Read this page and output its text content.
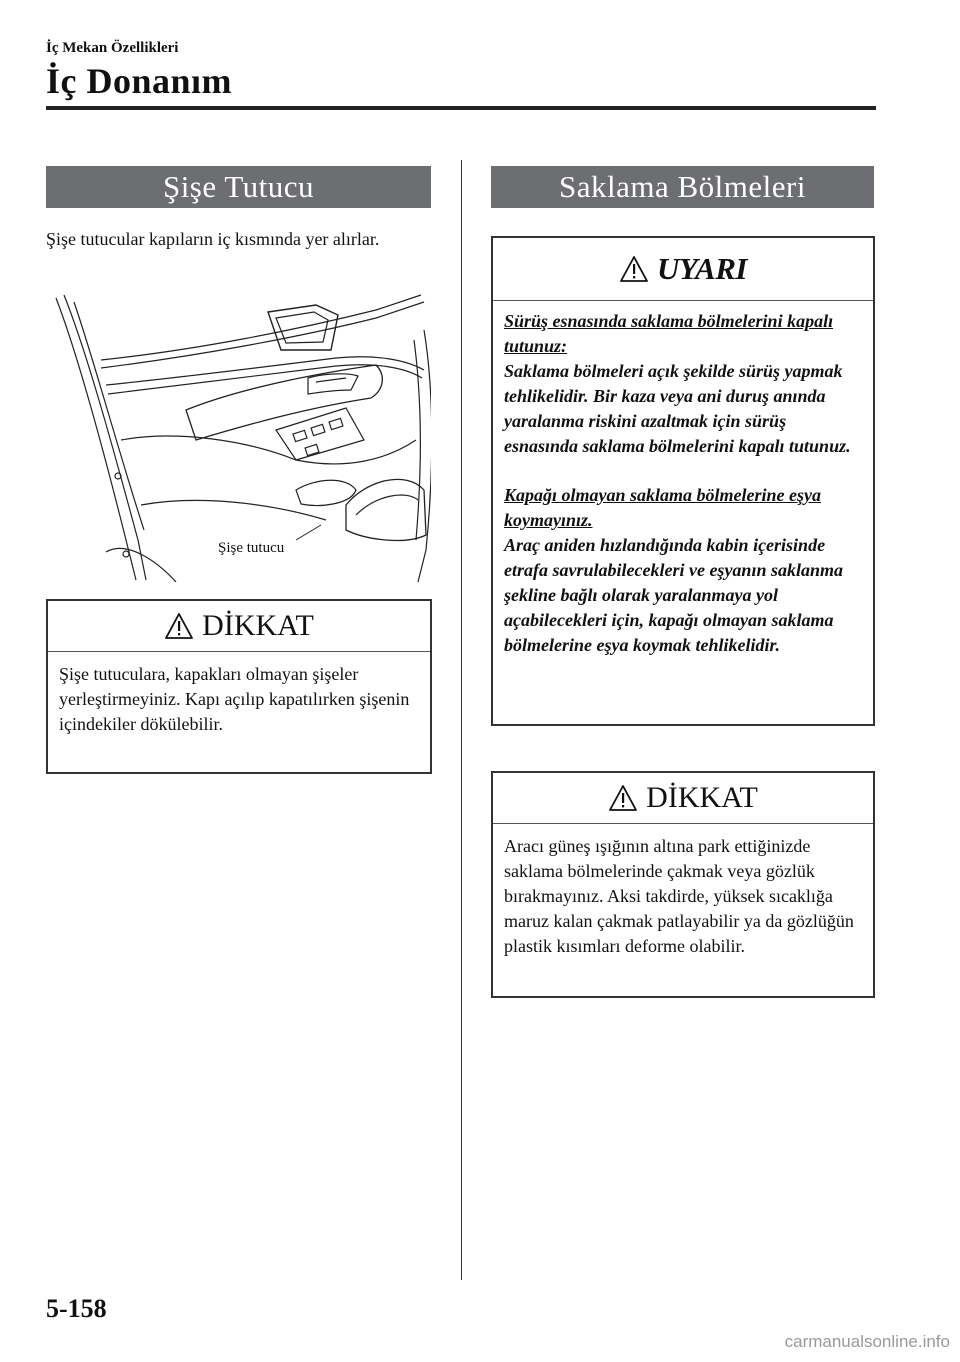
İç Mekan Özellikleri
İç Donanım
Şişe Tutucu
Şişe tutucular kapıların iç kısmında yer alırlar.
Şişe tutucu
DİKKAT
Şişe tutuculara, kapakları olmayan şişeler yerleştirmeyiniz. Kapı açılıp kapatılırken şişenin içindekiler dökülebilir.
Saklama Bölmeleri
UYARI
Sürüş esnasında saklama bölmelerini kapalı tutunuz:
Saklama bölmeleri açık şekilde sürüş yapmak tehlikelidir. Bir kaza veya ani duruş anında yaralanma riskini azaltmak için sürüş esnasında saklama bölmelerini kapalı tutunuz.
Kapağı olmayan saklama bölmelerine eşya koymayınız.
Araç aniden hızlandığında kabin içerisinde etrafa savrulabilecekleri ve eşyanın saklanma şekline bağlı olarak yaralanmaya yol açabilecekleri için, kapağı olmayan saklama bölmelerine eşya koymak tehlikelidir.
DİKKAT
Aracı güneş ışığının altına park ettiğinizde saklama bölmelerinde çakmak veya gözlük bırakmayınız. Aksi takdirde, yüksek sıcaklığa maruz kalan çakmak patlayabilir ya da gözlüğün plastik kısımları deforme olabilir.
5-158
carmanualsonline.info
